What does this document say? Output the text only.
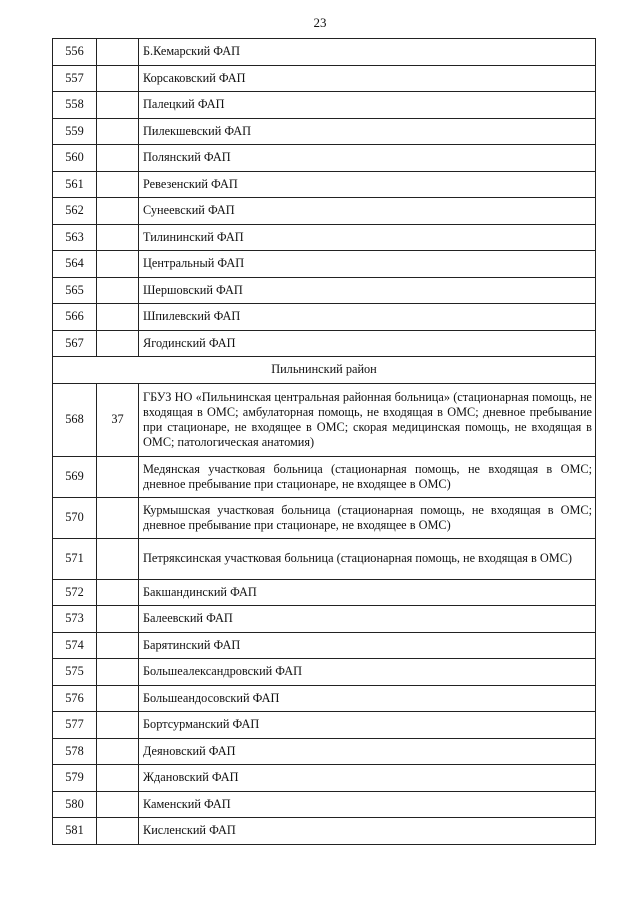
23
556		Б.Кемарский ФАП
557		Корсаковский ФАП
558		Палецкий ФАП
559		Пилекшевский ФАП
560		Полянский ФАП
561		Ревезенский ФАП
562		Сунеевский ФАП
563		Тилининский ФАП
564		Центральный ФАП
565		Шершовский ФАП
566		Шпилевский ФАП
567		Ягодинский ФАП
Пильнинский район		
568	37	ГБУЗ НО «Пильнинская центральная районная больница» (стационарная помощь, не входящая в ОМС; амбулаторная помощь, не входящая в ОМС; дневное пребывание при стационаре, не входящее в ОМС; скорая медицинская помощь, не входящая в ОМС; патологическая анатомия)
569		Медянская участковая больница (стационарная помощь, не входящая в ОМС; дневное пребывание при стационаре, не входящее в ОМС)
570		Курмышская участковая больница (стационарная помощь, не входящая в ОМС; дневное пребывание при стационаре, не входящее в ОМС)
571		Петряксинская участковая больница (стационарная помощь, не входящая в ОМС)
572		Бакшандинский ФАП
573		Балеевский ФАП
574		Барятинский ФАП
575		Большеалександровский ФАП
576		Большеандосовский ФАП
577		Бортсурманский ФАП
578		Деяновский ФАП
579		Ждановский ФАП
580		Каменский ФАП
581		Кисленский ФАП
